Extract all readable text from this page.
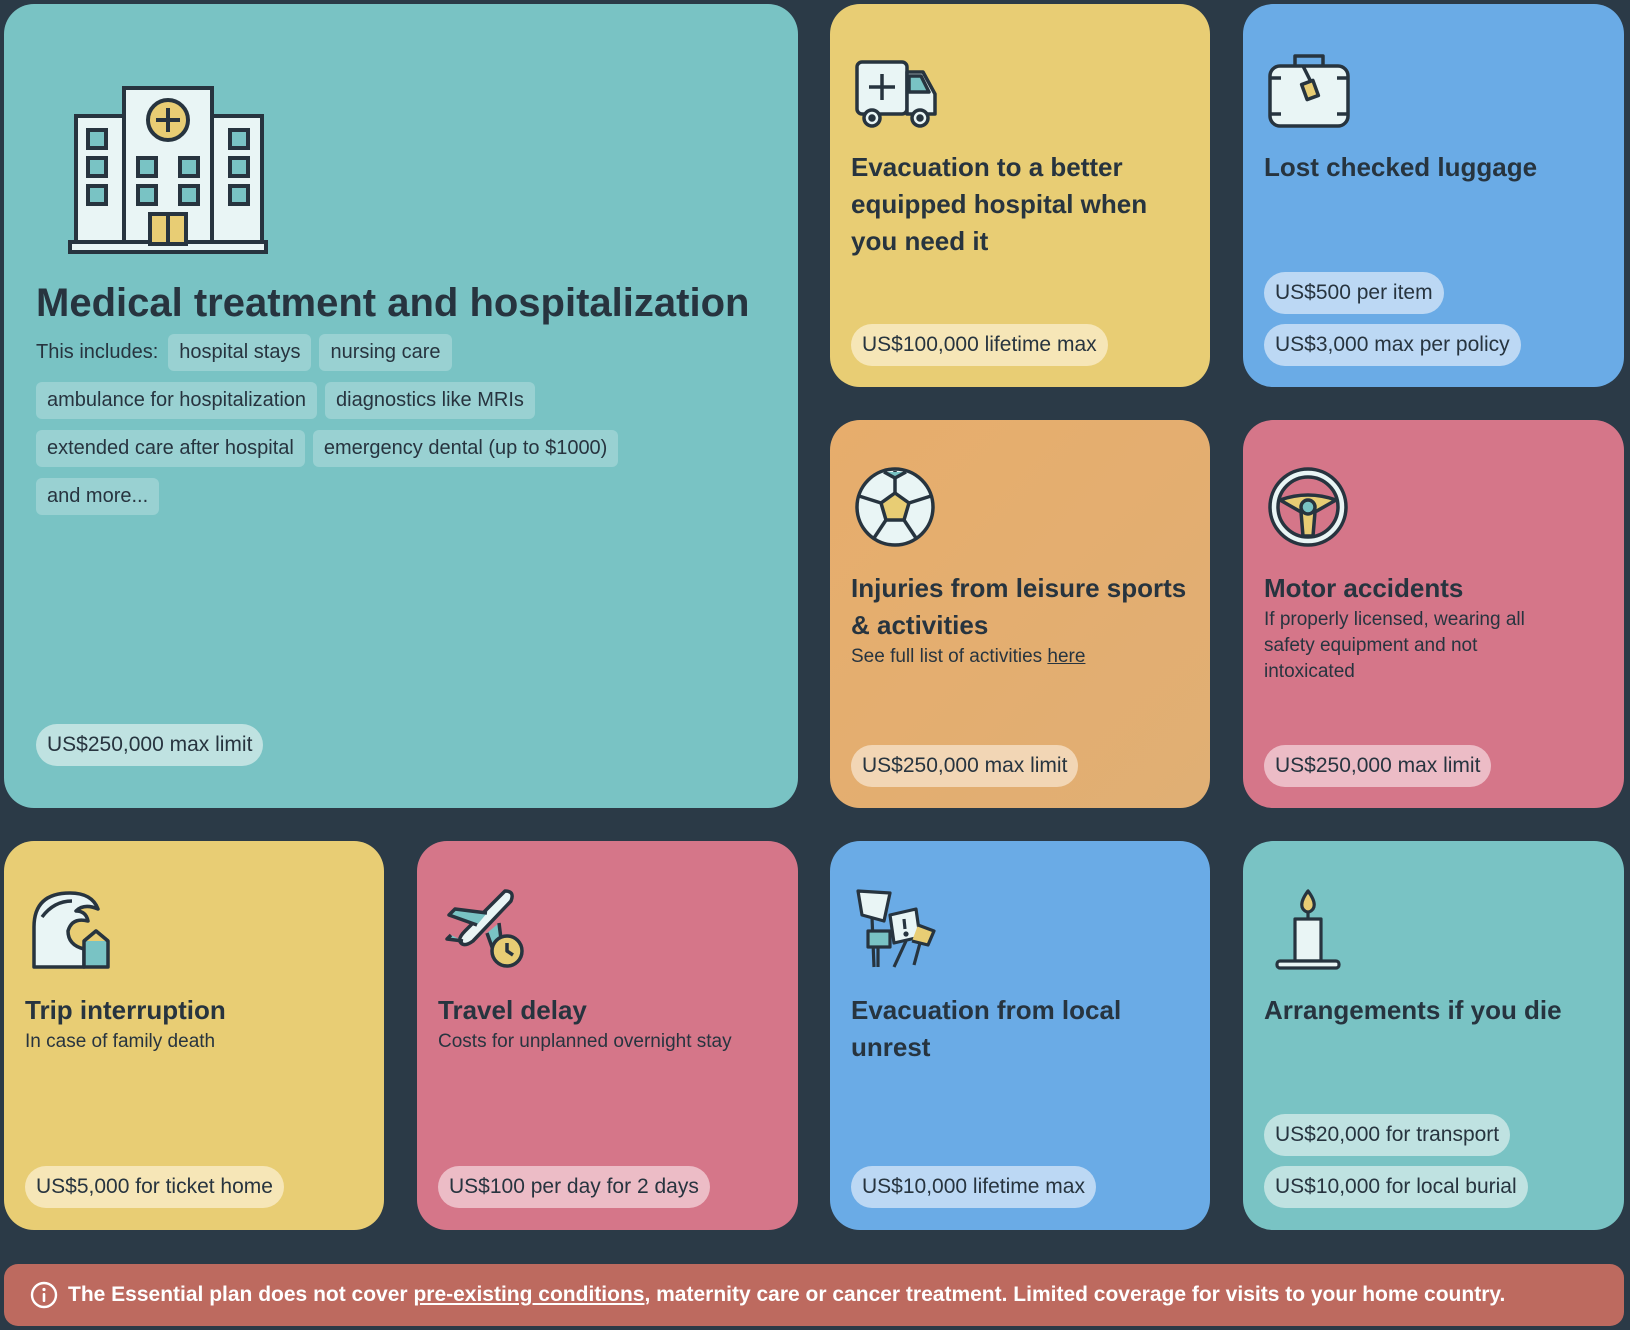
Medical treatment and hospitalization
This includes: hospital stays nursing care
ambulance for hospitalization diagnostics like MRIs
extended care after hospital emergency dental (up to $1000)
and more...
US$250,000 max limit
Evacuation to a better
equipped hospital when
you need it
US$100,000 lifetime max
Lost checked luggage
US$500 per item
US$3,000 max per policy
Injuries from leisure sports
& activities
See full list of activities here
US$250,000 max limit
Motor accidents
If properly licensed, wearing all
safety equipment and not
intoxicated
US$250,000 max limit
Trip interruption
In case of family death
US$5,000 for ticket home
Travel delay
Costs for unplanned overnight stay
US$100 per day for 2 days
Evacuation from local
unrest
US$10,000 lifetime max
Arrangements if you die
US$20,000 for transport
US$10,000 for local burial
The Essential plan does not cover pre-existing conditions, maternity care or cancer treatment. Limited coverage for visits to your home country.
